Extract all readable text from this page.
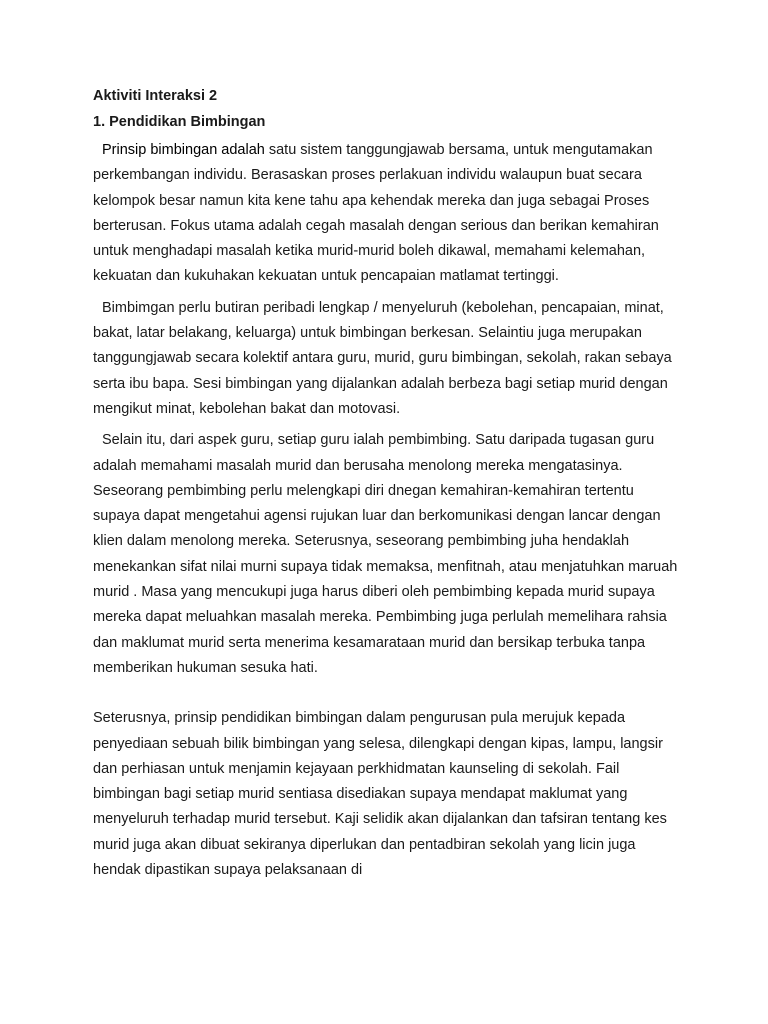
Aktiviti Interaksi 2
1. Pendidikan Bimbingan

Prinsip bimbingan adalah satu sistem tanggungjawab bersama, untuk mengutamakan perkembangan individu. Berasaskan proses perlakuan individu walaupun buat secara kelompok besar namun kita kene tahu apa kehendak mereka dan juga sebagai Proses berterusan. Fokus utama adalah cegah masalah dengan serious dan berikan kemahiran untuk menghadapi masalah ketika murid-murid boleh dikawal, memahami kelemahan, kekuatan dan kukuhakan kekuatan untuk pencapaian matlamat tertinggi.

Bimbimgan perlu butiran peribadi lengkap / menyeluruh (kebolehan, pencapaian, minat, bakat, latar belakang, keluarga) untuk bimbingan berkesan. Selaintiu juga merupakan tanggungjawab secara kolektif antara guru, murid, guru bimbingan, sekolah, rakan sebaya serta ibu bapa. Sesi bimbingan yang dijalankan adalah berbeza bagi setiap murid dengan mengikut minat, kebolehan bakat dan motovasi.

Selain itu, dari aspek guru, setiap guru ialah pembimbing. Satu daripada tugasan guru adalah memahami masalah murid dan berusaha menolong mereka mengatasinya. Seseorang pembimbing perlu melengkapi diri dnegan kemahiran-kemahiran tertentu supaya dapat mengetahui agensi rujukan luar dan berkomunikasi dengan lancar dengan klien dalam menolong mereka. Seterusnya, seseorang pembimbing juha hendaklah menekankan sifat nilai murni supaya tidak memaksa, menfitnah, atau menjatuhkan maruah murid . Masa yang mencukupi juga harus diberi oleh pembimbing kepada murid supaya mereka dapat meluahkan masalah mereka. Pembimbing juga perlulah memelihara rahsia dan maklumat murid serta menerima kesamarataan murid dan bersikap terbuka tanpa memberikan hukuman sesuka hati.

Seterusnya, prinsip pendidikan bimbingan dalam pengurusan pula merujuk kepada penyediaan sebuah bilik bimbingan yang selesa, dilengkapi dengan kipas, lampu, langsir dan perhiasan untuk menjamin kejayaan perkhidmatan kaunseling di sekolah. Fail bimbingan bagi setiap murid sentiasa disediakan supaya mendapat maklumat yang menyeluruh terhadap murid tersebut. Kaji selidik akan dijalankan dan tafsiran tentang kes murid juga akan dibuat sekiranya diperlukan dan pentadbiran sekolah yang licin juga hendak dipastikan supaya pelaksanaan di
